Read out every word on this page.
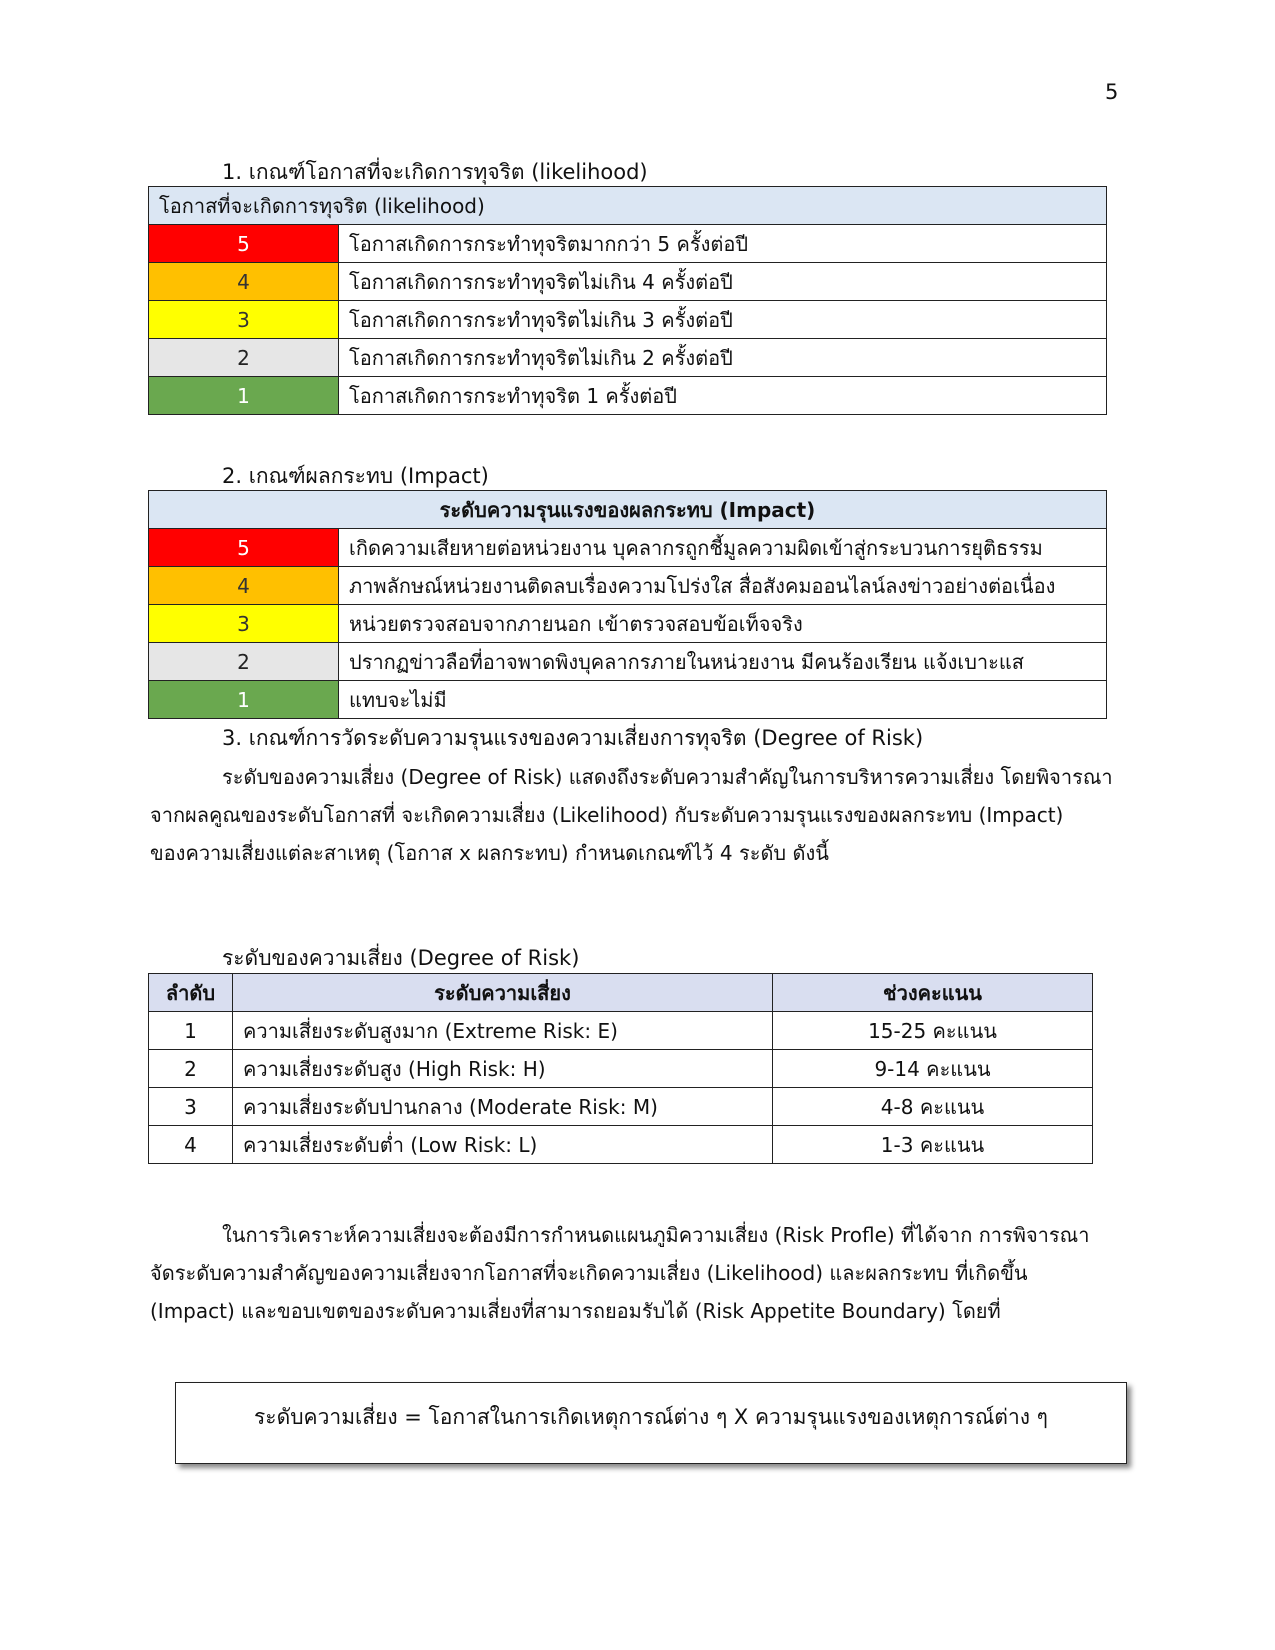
5
1. เกณฑ์โอกาสที่จะเกิดการทุจริต (likelihood)
โอกาสที่จะเกิดการทุจริต (likelihood)	
5	โอกาสเกิดการกระทำทุจริตมากกว่า 5 ครั้งต่อปี
4	โอกาสเกิดการกระทำทุจริตไม่เกิน 4 ครั้งต่อปี
3	โอกาสเกิดการกระทำทุจริตไม่เกิน 3 ครั้งต่อปี
2	โอกาสเกิดการกระทำทุจริตไม่เกิน 2 ครั้งต่อปี
1	โอกาสเกิดการกระทำทุจริต 1 ครั้งต่อปี
2. เกณฑ์ผลกระทบ (Impact)
ระดับความรุนแรงของผลกระทบ (Impact)	
5	เกิดความเสียหายต่อหน่วยงาน บุคลากรถูกชี้มูลความผิดเข้าสู่กระบวนการยุติธรรม
4	ภาพลักษณ์หน่วยงานติดลบเรื่องความโปร่งใส สื่อสังคมออนไลน์ลงข่าวอย่างต่อเนื่อง
3	หน่วยตรวจสอบจากภายนอก เข้าตรวจสอบข้อเท็จจริง
2	ปรากฏข่าวลือที่อาจพาดพิงบุคลากรภายในหน่วยงาน มีคนร้องเรียน แจ้งเบาะแส
1	แทบจะไม่มี
3. เกณฑ์การวัดระดับความรุนแรงของความเสี่ยงการทุจริต (Degree of Risk)

ระดับของความเสี่ยง (Degree of Risk) แสดงถึงระดับความสำคัญในการบริหารความเสี่ยง โดยพิจารณา

จากผลคูณของระดับโอกาสที่ จะเกิดความเสี่ยง (Likelihood) กับระดับความรุนแรงของผลกระทบ (Impact)

ของความเสี่ยงแต่ละสาเหตุ (โอกาส x ผลกระทบ) กำหนดเกณฑ์ไว้ 4 ระดับ ดังนี้

ระดับของความเสี่ยง (Degree of Risk)
ลำดับ	ระดับความเสี่ยง	ช่วงคะแนน
1	ความเสี่ยงระดับสูงมาก (Extreme Risk: E)	15-25 คะแนน
2	ความเสี่ยงระดับสูง (High Risk: H)	9-14 คะแนน
3	ความเสี่ยงระดับปานกลาง (Moderate Risk: M)	4-8 คะแนน
4	ความเสี่ยงระดับต่ำ (Low Risk: L)	1-3 คะแนน

ในการวิเคราะห์ความเสี่ยงจะต้องมีการกำหนดแผนภูมิความเสี่ยง (Risk Profle) ที่ได้จาก การพิจารณา

จัดระดับความสำคัญของความเสี่ยงจากโอกาสที่จะเกิดความเสี่ยง (Likelihood) และผลกระทบ ที่เกิดขึ้น

(Impact) และขอบเขตของระดับความเสี่ยงที่สามารถยอมรับได้ (Risk Appetite Boundary) โดยที่

ระดับความเสี่ยง = โอกาสในการเกิดเหตุการณ์ต่าง ๆ X ความรุนแรงของเหตุการณ์ต่าง ๆ
